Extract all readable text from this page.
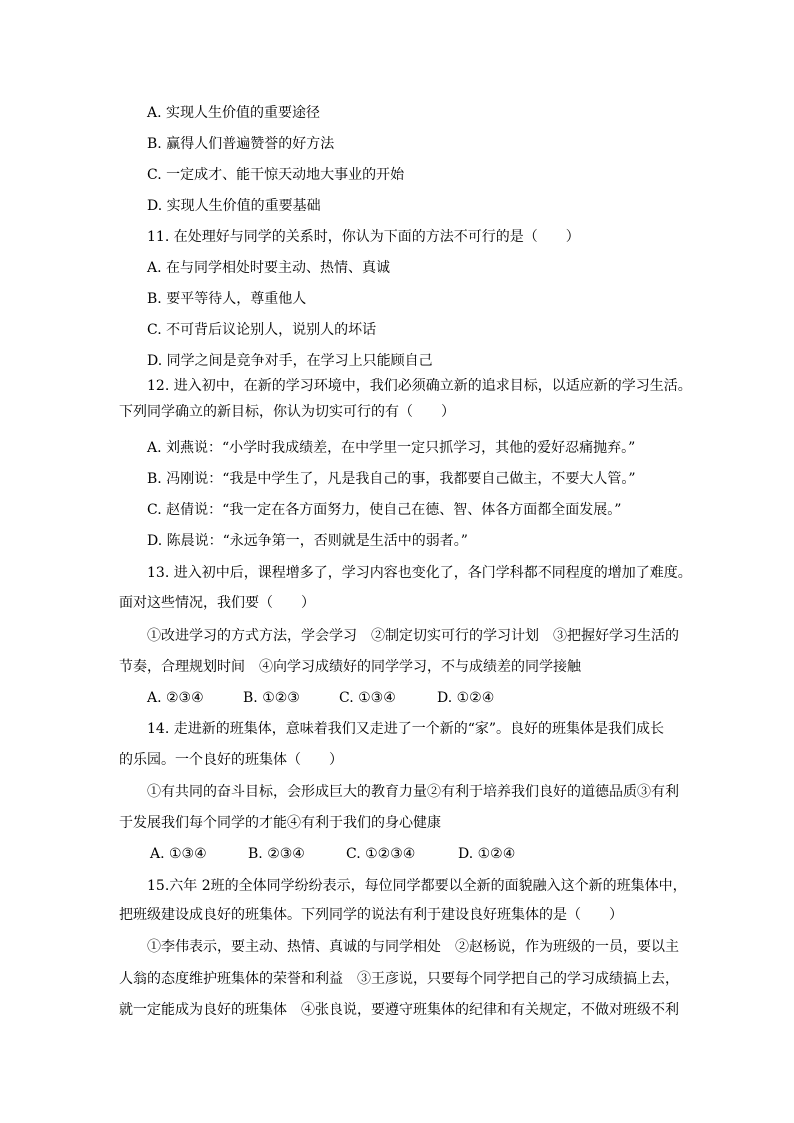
A. 实现人生价值的重要途径
B. 赢得人们普遍赞誉的好方法
C. 一定成才、能干惊天动地大事业的开始
D. 实现人生价值的重要基础
11. 在处理好与同学的关系时，你认为下面的方法不可行的是（　　）
A. 在与同学相处时要主动、热情、真诚
B. 要平等待人，尊重他人
C. 不可背后议论别人，说别人的坏话
D. 同学之间是竞争对手，在学习上只能顾自己
12. 进入初中，在新的学习环境中，我们必须确立新的追求目标，以适应新的学习生活。
下列同学确立的新目标，你认为切实可行的有（　　）
A. 刘燕说：“小学时我成绩差，在中学里一定只抓学习，其他的爱好忍痛抛弃。”
B. 冯刚说：“我是中学生了，凡是我自己的事，我都要自己做主，不要大人管。”
C. 赵倩说：“我一定在各方面努力，使自己在德、智、体各方面都全面发展。”
D. 陈晨说：“永远争第一，否则就是生活中的弱者。”
13. 进入初中后，课程增多了，学习内容也变化了，各门学科都不同程度的增加了难度。
面对这些情况，我们要（　　）
①改进学习的方式方法，学会学习　②制定切实可行的学习计划　③把握好学习生活的
节奏，合理规划时间　④向学习成绩好的同学学习，不与成绩差的同学接触
A. ②③④	B. ①②③	C. ①③④	D. ①②④
14. 走进新的班集体，意味着我们又走进了一个新的“家”。良好的班集体是我们成长
的乐园。一个良好的班集体（　　）
①有共同的奋斗目标，会形成巨大的教育力量②有利于培养我们良好的道德品质③有利
于发展我们每个同学的才能④有利于我们的身心健康
A. ①③④	B. ②③④	C. ①②③④	D. ①②④
15.六年 2班的全体同学纷纷表示，每位同学都要以全新的面貌融入这个新的班集体中，
把班级建设成良好的班集体。下列同学的说法有利于建设良好班集体的是（　　）
①李伟表示，要主动、热情、真诚的与同学相处　②赵杨说，作为班级的一员，要以主
人翁的态度维护班集体的荣誉和利益　③王彦说，只要每个同学把自己的学习成绩搞上去，
就一定能成为良好的班集体　④张良说，要遵守班集体的纪律和有关规定，不做对班级不利
